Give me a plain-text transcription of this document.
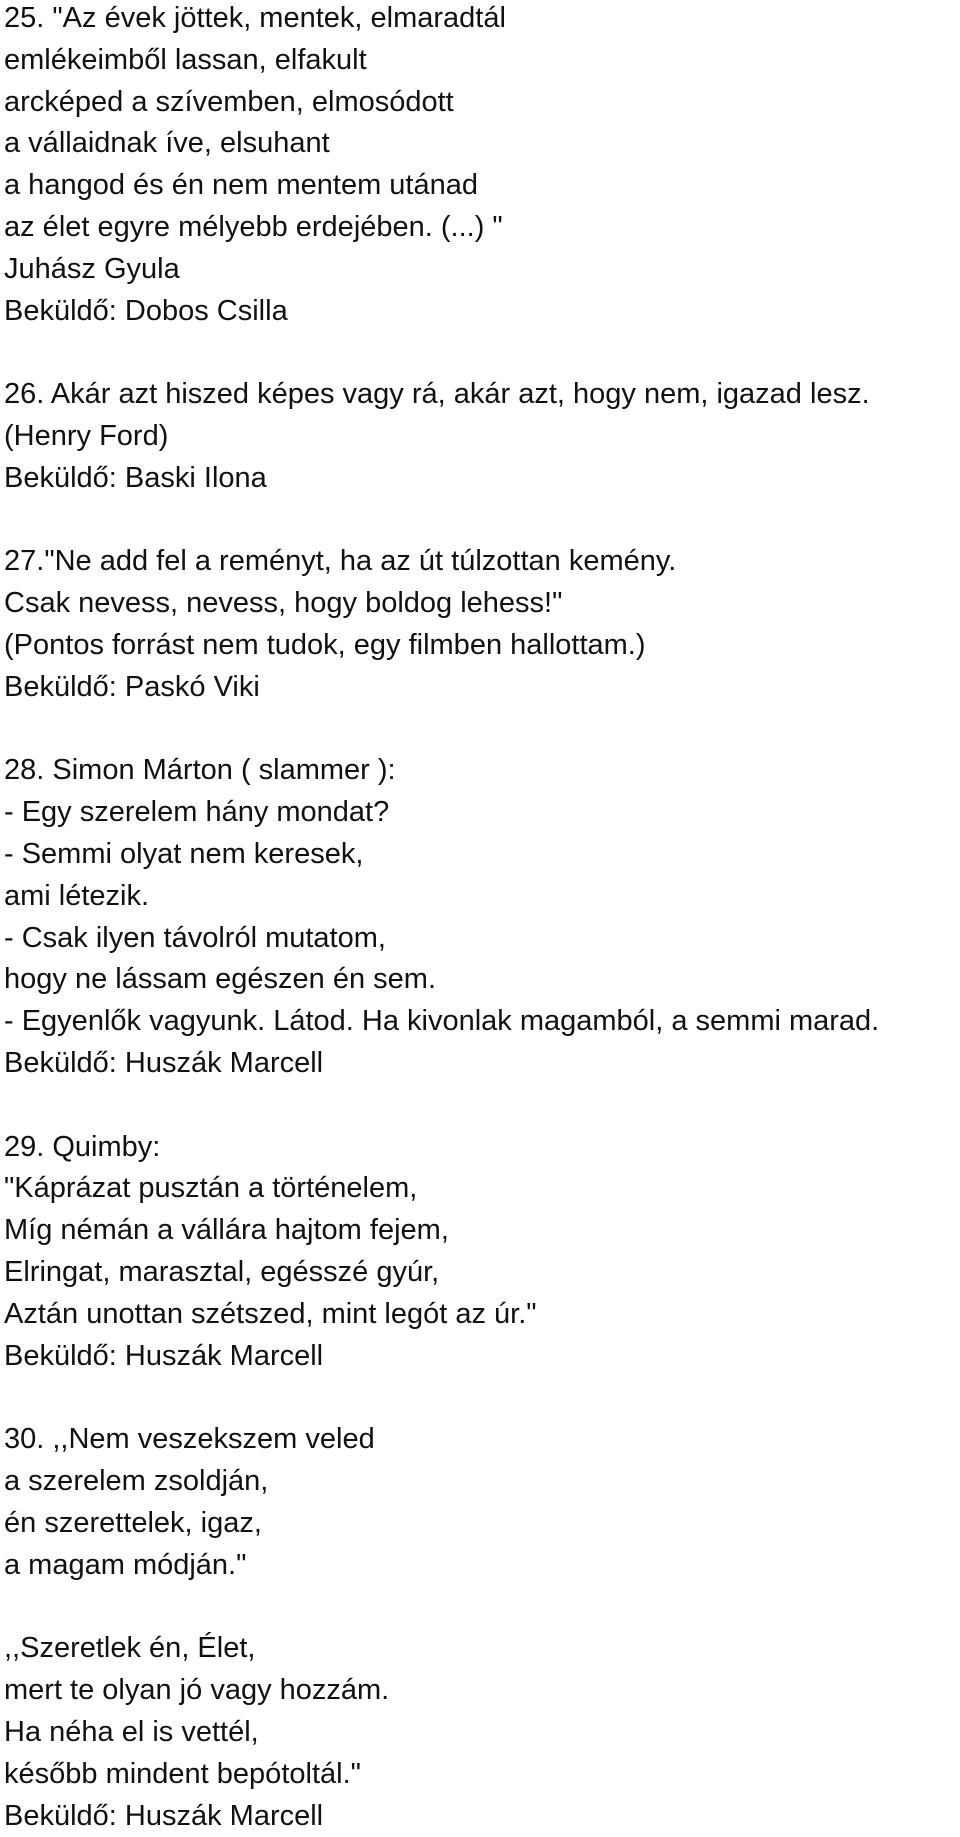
25. "Az évek jöttek, mentek, elmaradtál
emlékeimből lassan, elfakult
arcképed a szívemben, elmosódott
a vállaidnak íve, elsuhant
a hangod és én nem mentem utánad
az élet egyre mélyebb erdejében. (...) "
Juhász Gyula
Beküldő: Dobos Csilla
26. Akár azt hiszed képes vagy rá, akár azt, hogy nem, igazad lesz.
(Henry Ford)
Beküldő: Baski Ilona
27."Ne add fel a reményt, ha az út túlzottan kemény.
Csak nevess, nevess, hogy boldog lehess!"
(Pontos forrást nem tudok, egy filmben hallottam.)
Beküldő: Paskó Viki
28. Simon Márton ( slammer ):
- Egy szerelem hány mondat?
- Semmi olyat nem keresek,
ami létezik.
- Csak ilyen távolról mutatom,
hogy ne lássam egészen én sem.
- Egyenlők vagyunk. Látod. Ha kivonlak magamból, a semmi marad.
Beküldő: Huszák Marcell
29. Quimby:
"Káprázat pusztán a történelem,
Míg némán a vállára hajtom fejem,
Elringat, marasztal, egésszé gyúr,
Aztán unottan szétszed, mint legót az úr."
Beküldő: Huszák Marcell
30. ,,Nem veszekszem veled
a szerelem zsoldján,
én szerettelek, igaz,
a magam módján."
,,Szeretlek én, Élet,
mert te olyan jó vagy hozzám.
Ha néha el is vettél,
később mindent bepótoltál."
Beküldő: Huszák Marcell
